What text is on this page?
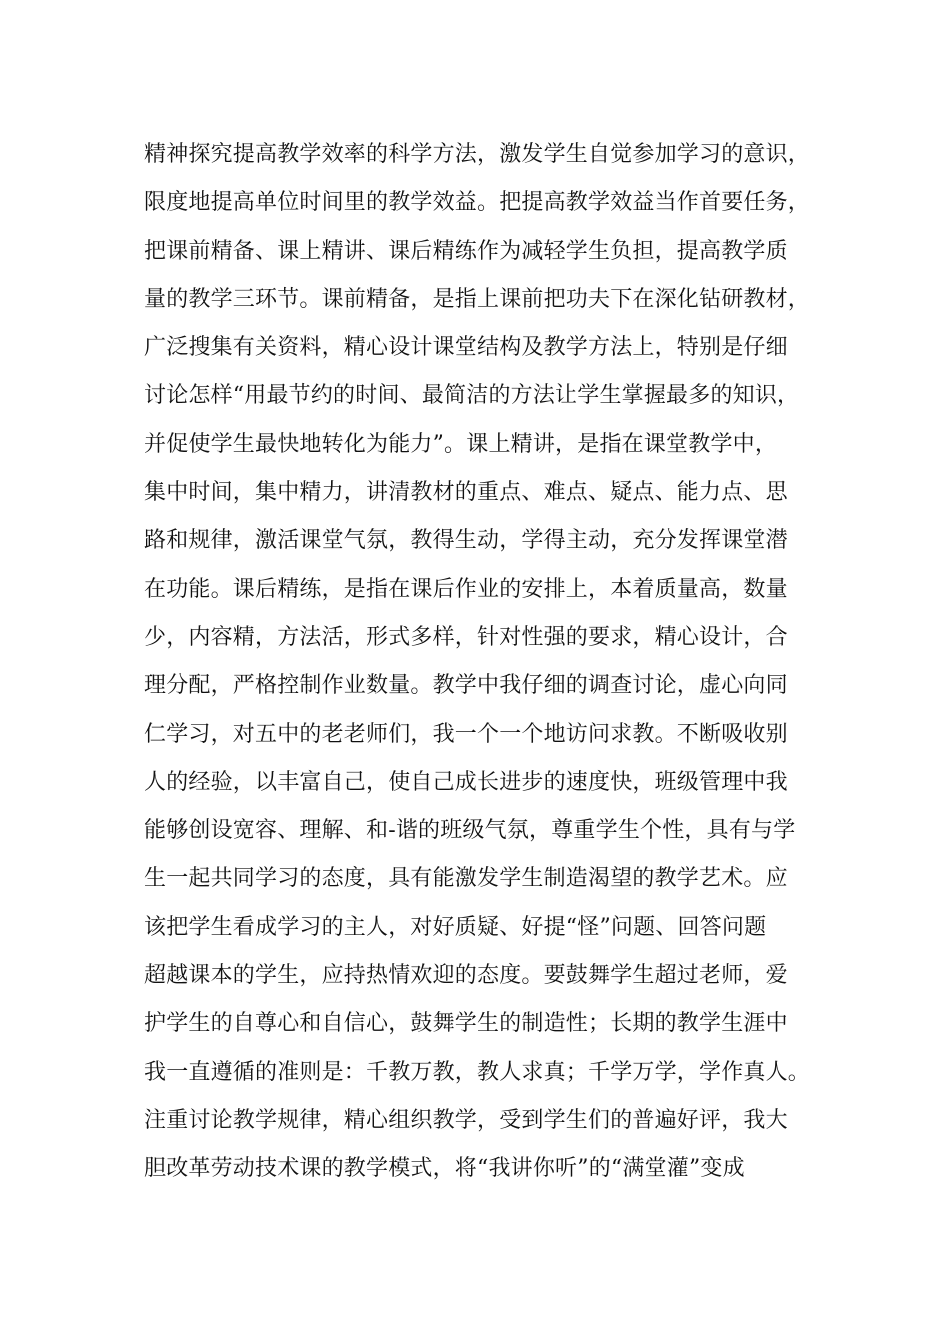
精神探究提高教学效率的科学方法，激发学生自觉参加学习的意识，
限度地提高单位时间里的教学效益。把提高教学效益当作首要任务，
把课前精备、课上精讲、课后精练作为减轻学生负担，提高教学质
量的教学三环节。课前精备，是指上课前把功夫下在深化钻研教材，
广泛搜集有关资料，精心设计课堂结构及教学方法上，特别是仔细
讨论怎样“用最节约的时间、最简洁的方法让学生掌握最多的知识，
并促使学生最快地转化为能力”。课上精讲，是指在课堂教学中，
集中时间，集中精力，讲清教材的重点、难点、疑点、能力点、思
路和规律，激活课堂气氛，教得生动，学得主动，充分发挥课堂潜
在功能。课后精练，是指在课后作业的安排上，本着质量高，数量
少，内容精，方法活，形式多样，针对性强的要求，精心设计，合
理分配，严格控制作业数量。教学中我仔细的调查讨论，虚心向同
仁学习，对五中的老老师们，我一个一个地访问求教。不断吸收别
人的经验，以丰富自己，使自己成长进步的速度快，班级管理中我
能够创设宽容、理解、和-谐的班级气氛，尊重学生个性，具有与学
生一起共同学习的态度，具有能激发学生制造渴望的教学艺术。应
该把学生看成学习的主人，对好质疑、好提“怪”问题、回答问题
超越课本的学生，应持热情欢迎的态度。要鼓舞学生超过老师，爱
护学生的自尊心和自信心，鼓舞学生的制造性；长期的教学生涯中
我一直遵循的准则是：千教万教，教人求真；千学万学，学作真人。
注重讨论教学规律，精心组织教学，受到学生们的普遍好评，我大
胆改革劳动技术课的教学模式，将“我讲你听”的“满堂灌”变成
